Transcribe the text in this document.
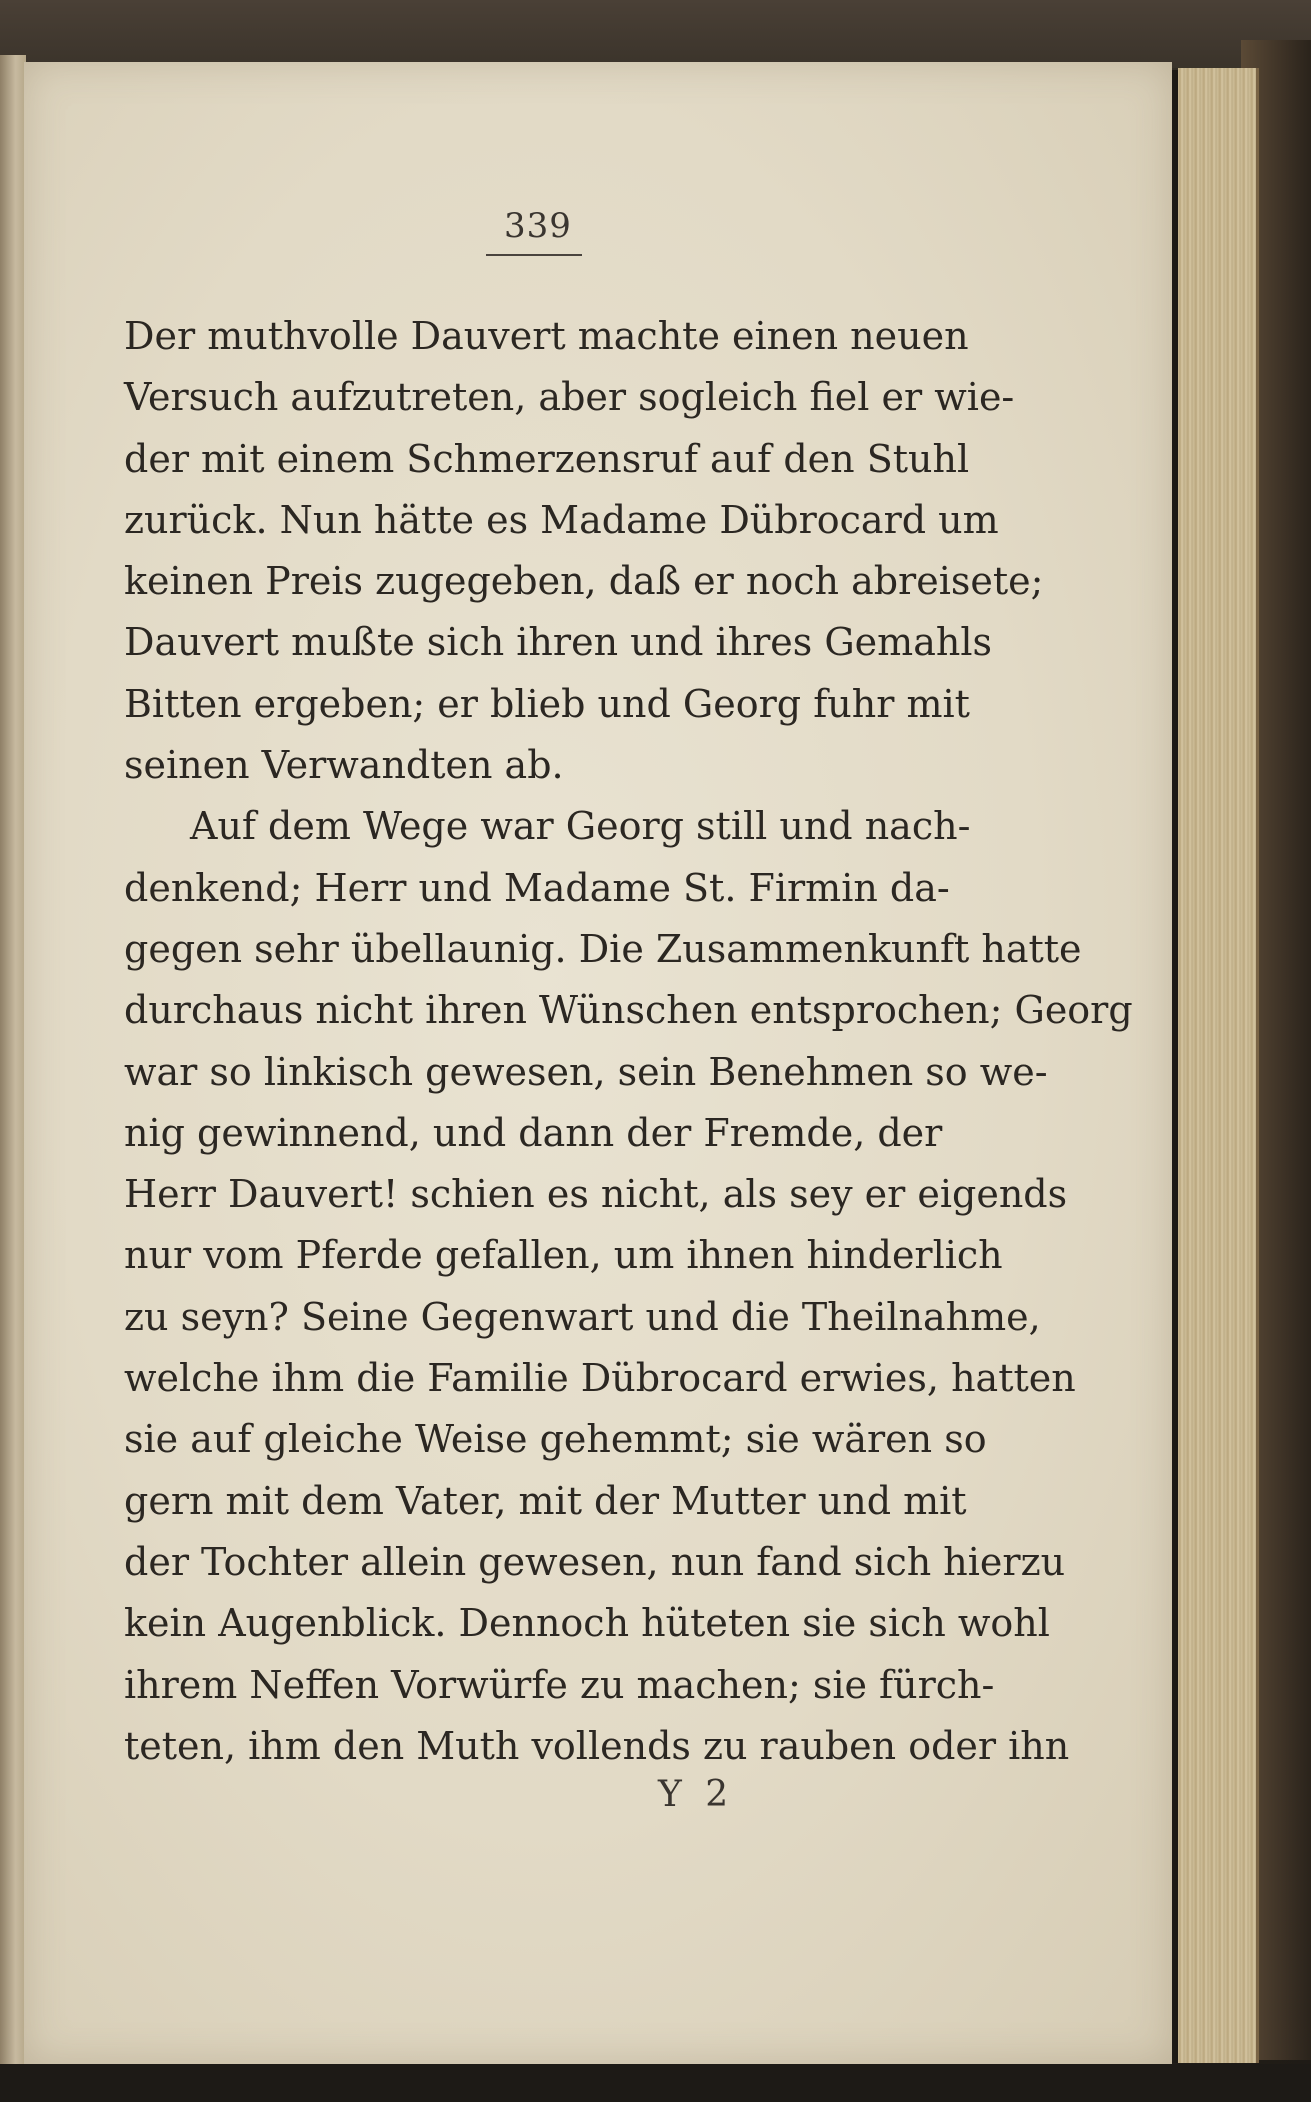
339
Der muthvolle Dauvert machte einen neuen
Versuch aufzutreten, aber sogleich fiel er wie-
der mit einem Schmerzensruf auf den Stuhl
zurück. Nun hätte es Madame Dübrocard um
keinen Preis zugegeben, daß er noch abreisete;
Dauvert mußte sich ihren und ihres Gemahls
Bitten ergeben; er blieb und Georg fuhr mit
seinen Verwandten ab.
Auf dem Wege war Georg still und nach-
denkend; Herr und Madame St. Firmin da-
gegen sehr übellaunig. Die Zusammenkunft hatte
durchaus nicht ihren Wünschen entsprochen; Georg
war so linkisch gewesen, sein Benehmen so we-
nig gewinnend, und dann der Fremde, der
Herr Dauvert! schien es nicht, als sey er eigends
nur vom Pferde gefallen, um ihnen hinderlich
zu seyn? Seine Gegenwart und die Theilnahme,
welche ihm die Familie Dübrocard erwies, hatten
sie auf gleiche Weise gehemmt; sie wären so
gern mit dem Vater, mit der Mutter und mit
der Tochter allein gewesen, nun fand sich hierzu
kein Augenblick. Dennoch hüteten sie sich wohl
ihrem Neffen Vorwürfe zu machen; sie fürch-
teten, ihm den Muth vollends zu rauben oder ihn
Y 2
